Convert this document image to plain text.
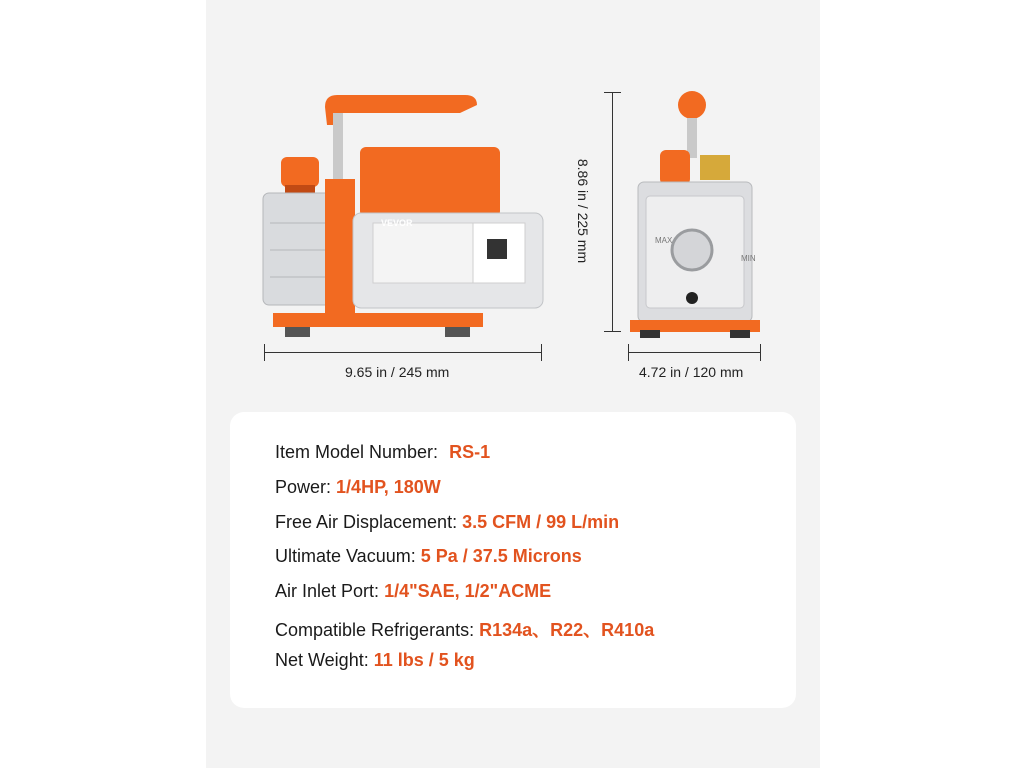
VEVOR
MAX
MIN
9.65 in / 245 mm
8.86 in / 225 mm
4.72 in / 120 mm
Item Model Number: RS-1
Power: 1/4HP, 180W
Free Air Displacement: 3.5 CFM / 99 L/min
Ultimate Vacuum: 5 Pa / 37.5 Microns
Air Inlet Port: 1/4"SAE, 1/2"ACME
Compatible Refrigerants: R134a、R22、R410a
Net Weight: 11 lbs / 5 kg
